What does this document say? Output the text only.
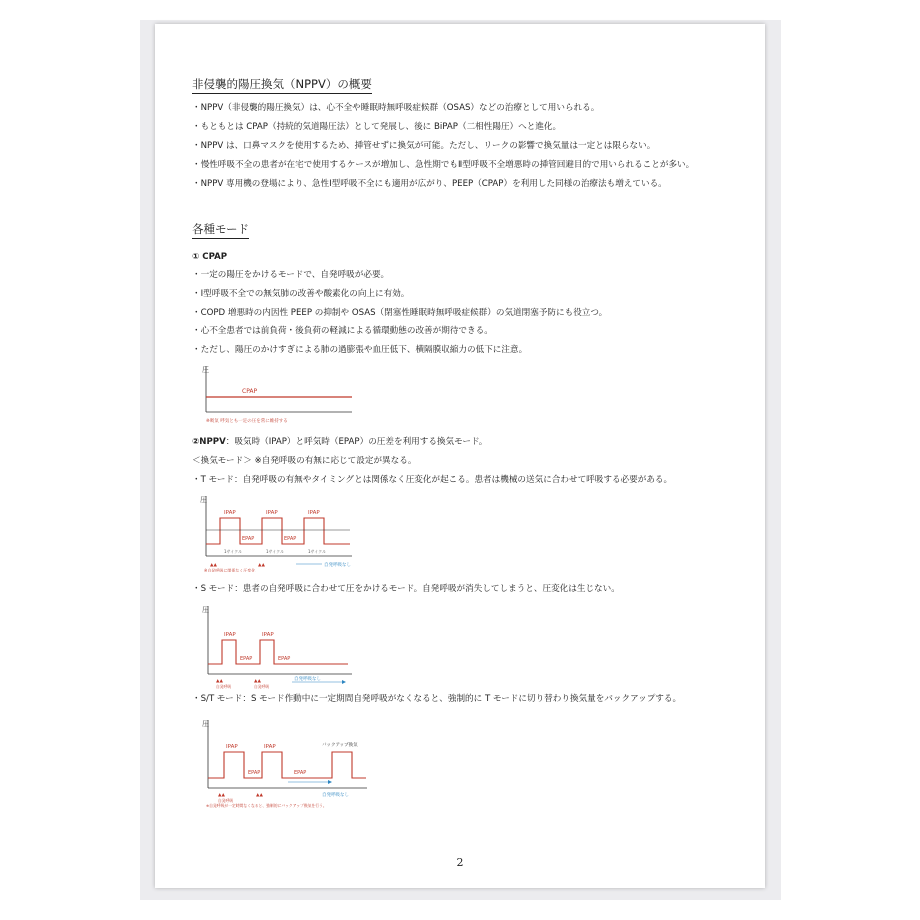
非侵襲的陽圧換気（NPPV）の概要
・NPPV（非侵襲的陽圧換気）は、心不全や睡眠時無呼吸症候群（OSAS）などの治療として用いられる。
・もともとは CPAP（持続的気道陽圧法）として発展し、後に BiPAP（二相性陽圧）へと進化。
・NPPV は、口鼻マスクを使用するため、挿管せずに換気が可能。ただし、リークの影響で換気量は一定とは限らない。
・慢性呼吸不全の患者が在宅で使用するケースが増加し、急性期でもⅡ型呼吸不全増悪時の挿管回避目的で用いられることが多い。
・NPPV 専用機の登場により、急性Ⅰ型呼吸不全にも適用が広がり、PEEP（CPAP）を利用した同様の治療法も増えている。
各種モード
① CPAP
・一定の陽圧をかけるモードで、自発呼吸が必要。
・Ⅰ型呼吸不全での無気肺の改善や酸素化の向上に有効。
・COPD 増悪時の内因性 PEEP の抑制や OSAS（閉塞性睡眠時無呼吸症候群）の気道閉塞予防にも役立つ。
・心不全患者では前負荷・後負荷の軽減による循環動態の改善が期待できる。
・ただし、陽圧のかけすぎによる肺の過膨張や血圧低下、横隔膜収縮力の低下に注意。
圧
CPAP
※吸気 呼気とも一定の圧を常に維持する
②NPPV：吸気時（IPAP）と呼気時（EPAP）の圧差を利用する換気モード。
＜換気モード＞ ※自発呼吸の有無に応じて設定が異なる。
・T モード：自発呼吸の有無やタイミングとは関係なく圧変化が起こる。患者は機械の送気に合わせて呼吸する必要がある。
圧
IPAP	IPAP	IPAP
EPAP	EPAP
1サイクル	1サイクル	1サイクル
▲▲	▲▲	自発呼吸なし
※自発呼吸に関係なく圧変化
・S モード：患者の自発呼吸に合わせて圧をかけるモード。自発呼吸が消失してしまうと、圧変化は生じない。
圧
IPAP	IPAP
EPAP	EPAP
▲▲	▲▲
自発呼吸	自発呼吸
自発呼吸なし
・S/T モード：S モード作動中に一定期間自発呼吸がなくなると、強制的に T モードに切り替わり換気量をバックアップする。
圧
IPAP	IPAP
EPAP	EPAP
バックアップ換気
▲▲	▲▲
自発呼吸
自発呼吸なし
※自発呼吸が一定時間なくなると、強制的にバックアップ換気を行う。
2
